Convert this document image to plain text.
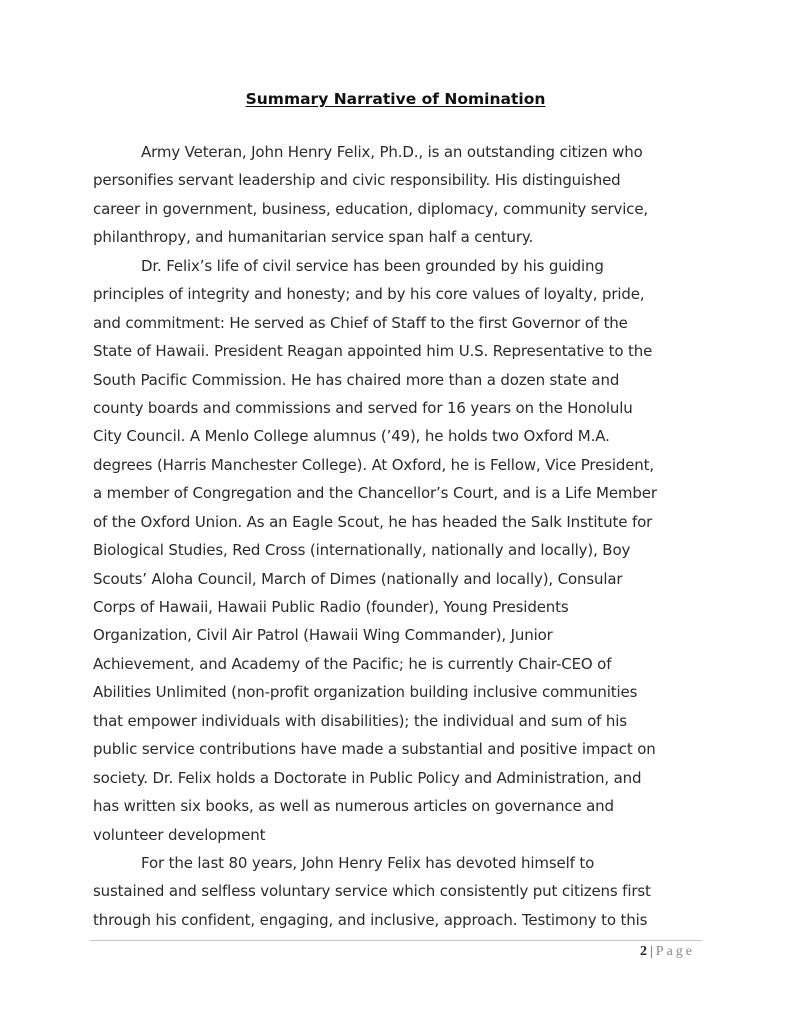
Summary Narrative of Nomination
Army Veteran, John Henry Felix, Ph.D., is an outstanding citizen who
personifies servant leadership and civic responsibility. His distinguished
career in government, business, education, diplomacy, community service,
philanthropy, and humanitarian service span half a century.
Dr. Felix’s life of civil service has been grounded by his guiding
principles of integrity and honesty; and by his core values of loyalty, pride,
and commitment: He served as Chief of Staff to the first Governor of the
State of Hawaii. President Reagan appointed him U.S. Representative to the
South Pacific Commission. He has chaired more than a dozen state and
county boards and commissions and served for 16 years on the Honolulu
City Council. A Menlo College alumnus (’49), he holds two Oxford M.A.
degrees (Harris Manchester College). At Oxford, he is Fellow, Vice President,
a member of Congregation and the Chancellor’s Court, and is a Life Member
of the Oxford Union. As an Eagle Scout, he has headed the Salk Institute for
Biological Studies, Red Cross (internationally, nationally and locally), Boy
Scouts’ Aloha Council, March of Dimes (nationally and locally), Consular
Corps of Hawaii, Hawaii Public Radio (founder), Young Presidents
Organization, Civil Air Patrol (Hawaii Wing Commander), Junior
Achievement, and Academy of the Pacific; he is currently Chair-CEO of
Abilities Unlimited (non-profit organization building inclusive communities
that empower individuals with disabilities); the individual and sum of his
public service contributions have made a substantial and positive impact on
society. Dr. Felix holds a Doctorate in Public Policy and Administration, and
has written six books, as well as numerous articles on governance and
volunteer development
For the last 80 years, John Henry Felix has devoted himself to
sustained and selfless voluntary service which consistently put citizens first
through his confident, engaging, and inclusive, approach. Testimony to this
2 | Page
